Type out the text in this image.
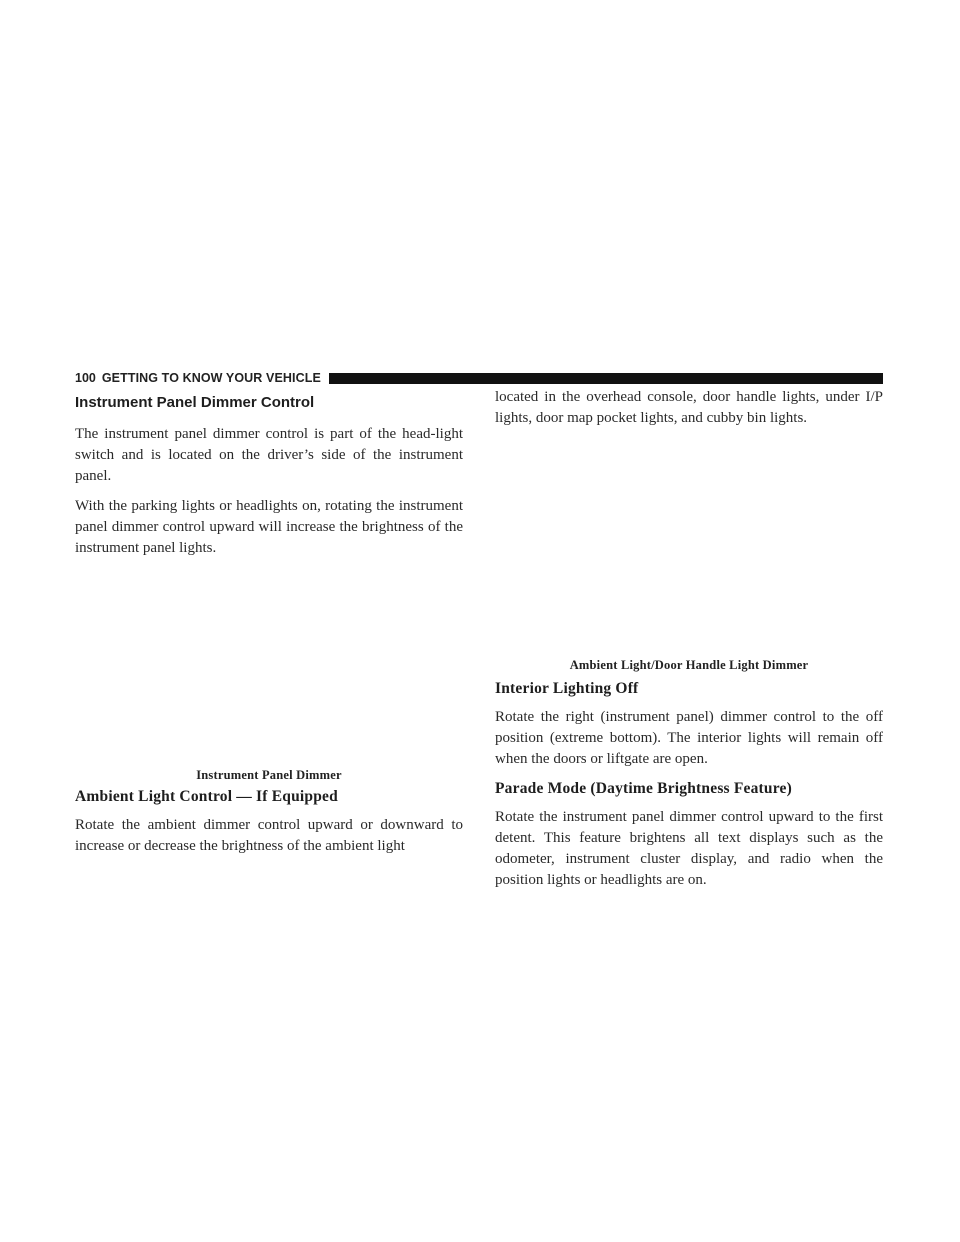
100 GETTING TO KNOW YOUR VEHICLE
Instrument Panel Dimmer Control

The instrument panel dimmer control is part of the head-light switch and is located on the driver’s side of the instrument panel.

With the parking lights or headlights on, rotating the instrument panel dimmer control upward will increase the brightness of the instrument panel lights.

Instrument Panel Dimmer
Ambient Light Control — If Equipped

Rotate the ambient dimmer control upward or downward to increase or decrease the brightness of the ambient light

located in the overhead console, door handle lights, under I/P lights, door map pocket lights, and cubby bin lights.

Ambient Light/Door Handle Light Dimmer
Interior Lighting Off

Rotate the right (instrument panel) dimmer control to the off position (extreme bottom). The interior lights will remain off when the doors or liftgate are open.

Parade Mode (Daytime Brightness Feature)

Rotate the instrument panel dimmer control upward to the first detent. This feature brightens all text displays such as the odometer, instrument cluster display, and radio when the position lights or headlights are on.
